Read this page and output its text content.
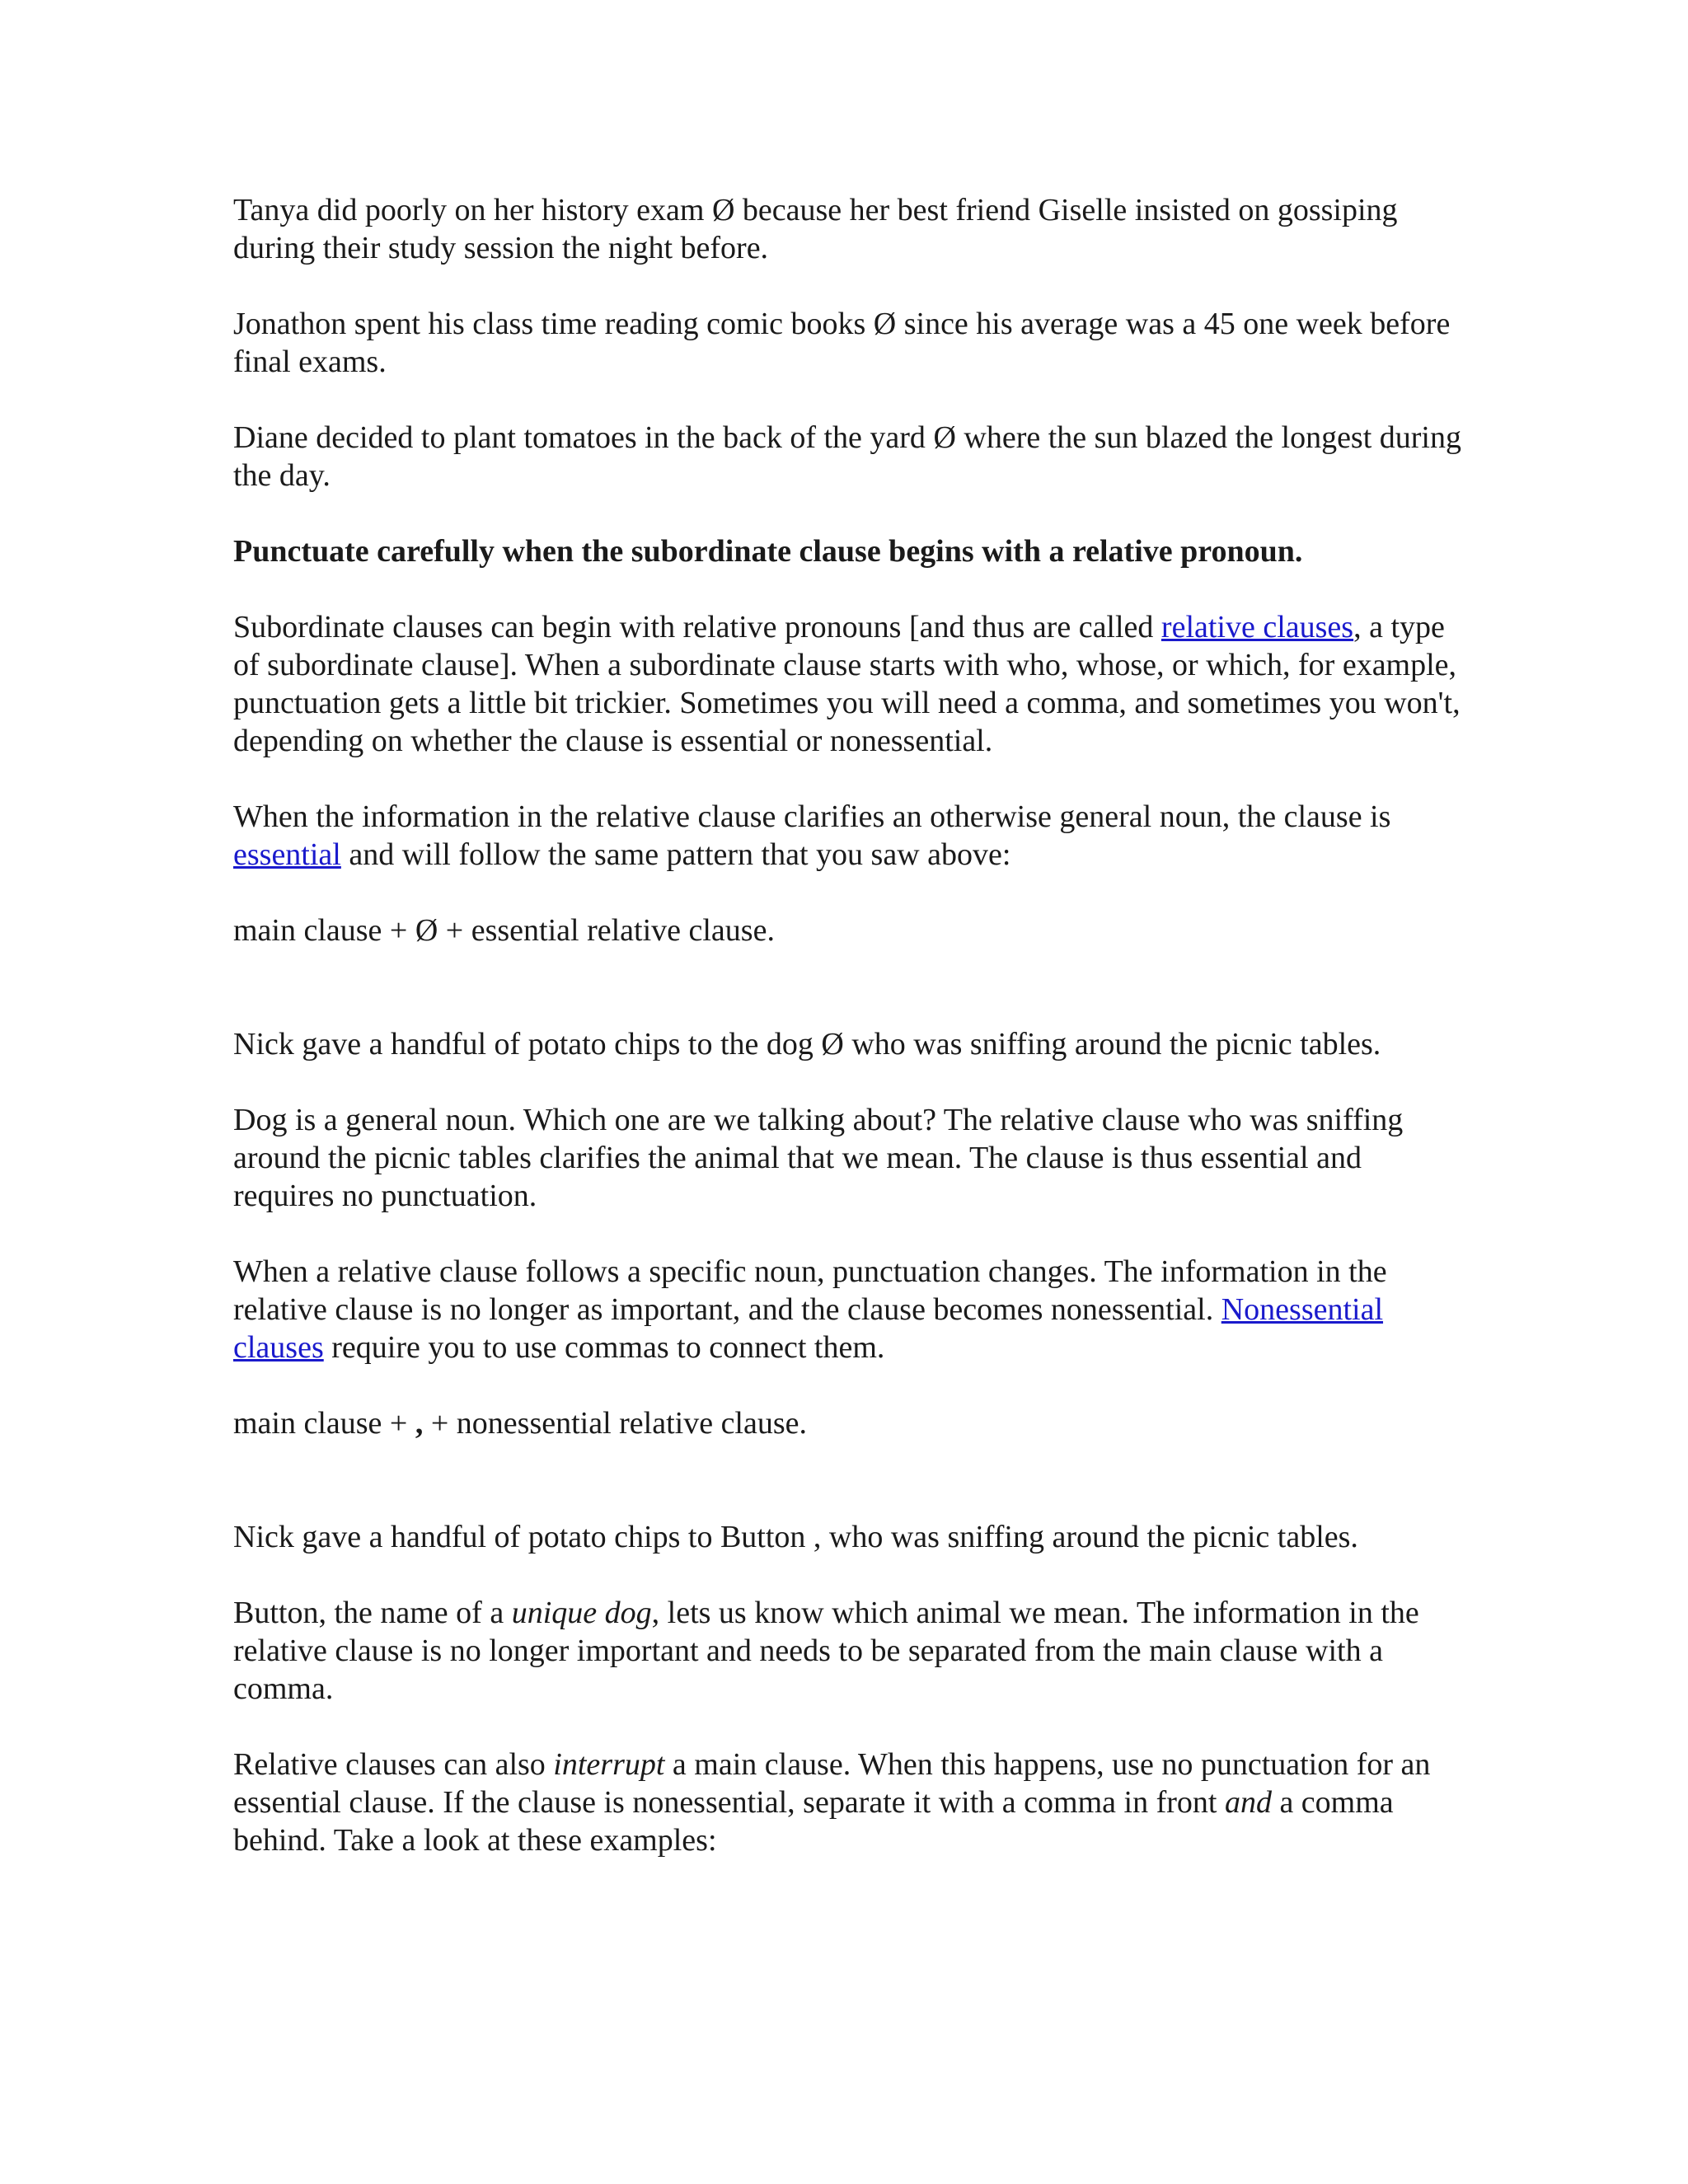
Tanya did poorly on her history exam Ø because her best friend Giselle insisted on gossiping during their study session the night before.

Jonathon spent his class time reading comic books Ø since his average was a 45 one week before final exams.

Diane decided to plant tomatoes in the back of the yard Ø where the sun blazed the longest during the day.

Punctuate carefully when the subordinate clause begins with a relative pronoun.

Subordinate clauses can begin with relative pronouns [and thus are called relative clauses, a type of subordinate clause]. When a subordinate clause starts with who, whose, or which, for example, punctuation gets a little bit trickier. Sometimes you will need a comma, and sometimes you won't, depending on whether the clause is essential or nonessential.

When the information in the relative clause clarifies an otherwise general noun, the clause is essential and will follow the same pattern that you saw above:

main clause + Ø + essential relative clause.

Nick gave a handful of potato chips to the dog Ø who was sniffing around the picnic tables.

Dog is a general noun. Which one are we talking about? The relative clause who was sniffing around the picnic tables clarifies the animal that we mean. The clause is thus essential and requires no punctuation.

When a relative clause follows a specific noun, punctuation changes. The information in the relative clause is no longer as important, and the clause becomes nonessential. Nonessential clauses require you to use commas to connect them.

main clause + , + nonessential relative clause.

Nick gave a handful of potato chips to Button , who was sniffing around the picnic tables.

Button, the name of a unique dog, lets us know which animal we mean. The information in the relative clause is no longer important and needs to be separated from the main clause with a comma.

Relative clauses can also interrupt a main clause. When this happens, use no punctuation for an essential clause. If the clause is nonessential, separate it with a comma in front and a comma behind. Take a look at these examples:
